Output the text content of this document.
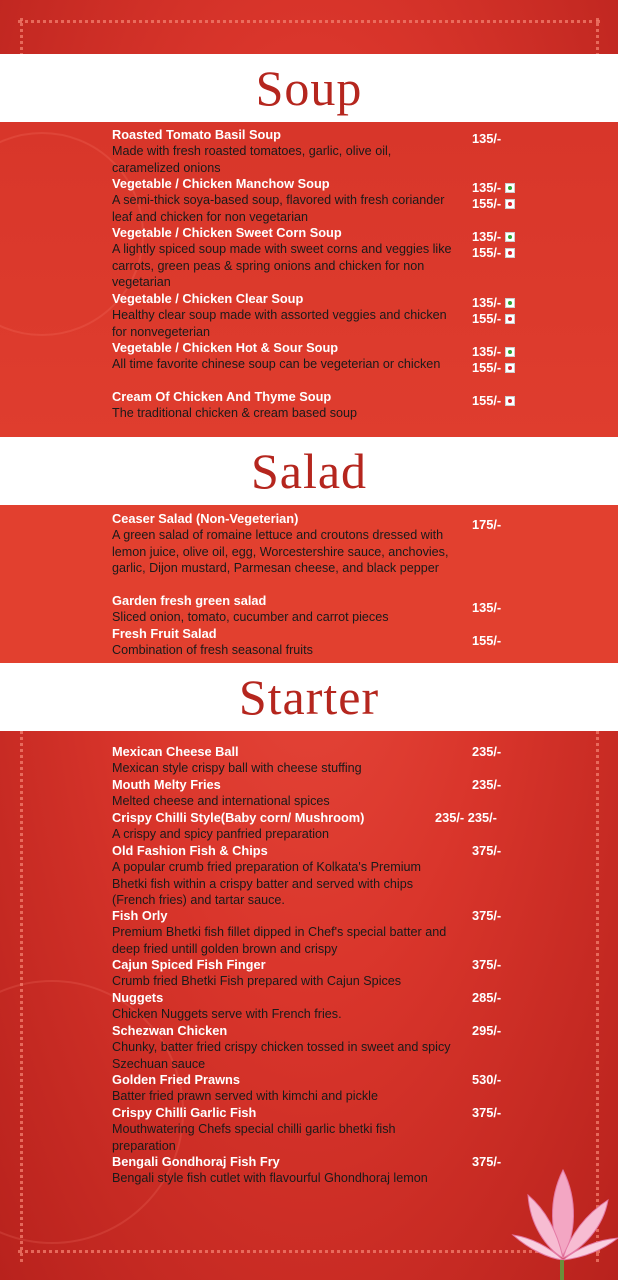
Soup
Roasted Tomato Basil Soup
Made with fresh roasted tomatoes, garlic, olive oil, caramelized onions
135/-
Vegetable / Chicken Manchow Soup
A semi-thick soya-based soup, flavored with fresh coriander leaf and chicken for non vegetarian
135/-
155/-
Vegetable / Chicken Sweet Corn Soup
A lightly spiced soup made with sweet corns and veggies like carrots, green peas & spring onions and chicken for non vegetarian
135/-
155/-
Vegetable / Chicken Clear Soup
Healthy clear soup made with assorted veggies and chicken for nonvegeterian
135/-
155/-
Vegetable / Chicken Hot & Sour Soup
All time favorite chinese soup can be vegeterian or chicken
135/-
155/-
Cream Of Chicken And Thyme Soup
The traditional chicken & cream based soup
155/-
Salad
Ceaser Salad (Non-Vegeterian)
A green salad of romaine lettuce and croutons dressed with lemon juice, olive oil, egg, Worcestershire sauce, anchovies, garlic, Dijon mustard, Parmesan cheese, and black pepper
175/-
Garden fresh green salad
Sliced onion, tomato, cucumber and carrot pieces
135/-
Fresh Fruit Salad
Combination of fresh seasonal fruits
155/-
Starter
Mexican Cheese Ball
Mexican style crispy ball with cheese stuffing
235/-
Mouth Melty Fries
Melted cheese and international spices
235/-
Crispy Chilli Style(Baby corn/ Mushroom)
A crispy and spicy panfried preparation
235/- 235/-
Old Fashion Fish & Chips
A popular crumb fried preparation of Kolkata's Premium Bhetki fish within a crispy batter and served with chips (French fries) and tartar sauce.
375/-
Fish Orly
Premium Bhetki fish fillet dipped in Chef's special batter and deep fried untill golden brown and crispy
375/-
Cajun Spiced Fish Finger
Crumb fried Bhetki Fish prepared with Cajun Spices
375/-
Nuggets
Chicken Nuggets serve with French fries.
285/-
Schezwan Chicken
Chunky, batter fried crispy chicken tossed in sweet and spicy Szechuan sauce
295/-
Golden Fried Prawns
Batter fried prawn served with kimchi and pickle
530/-
Crispy Chilli Garlic Fish
Mouthwatering Chefs special chilli garlic bhetki fish preparation
375/-
Bengali Gondhoraj Fish Fry
Bengali style fish cutlet with flavourful Ghondhoraj lemon
375/-
